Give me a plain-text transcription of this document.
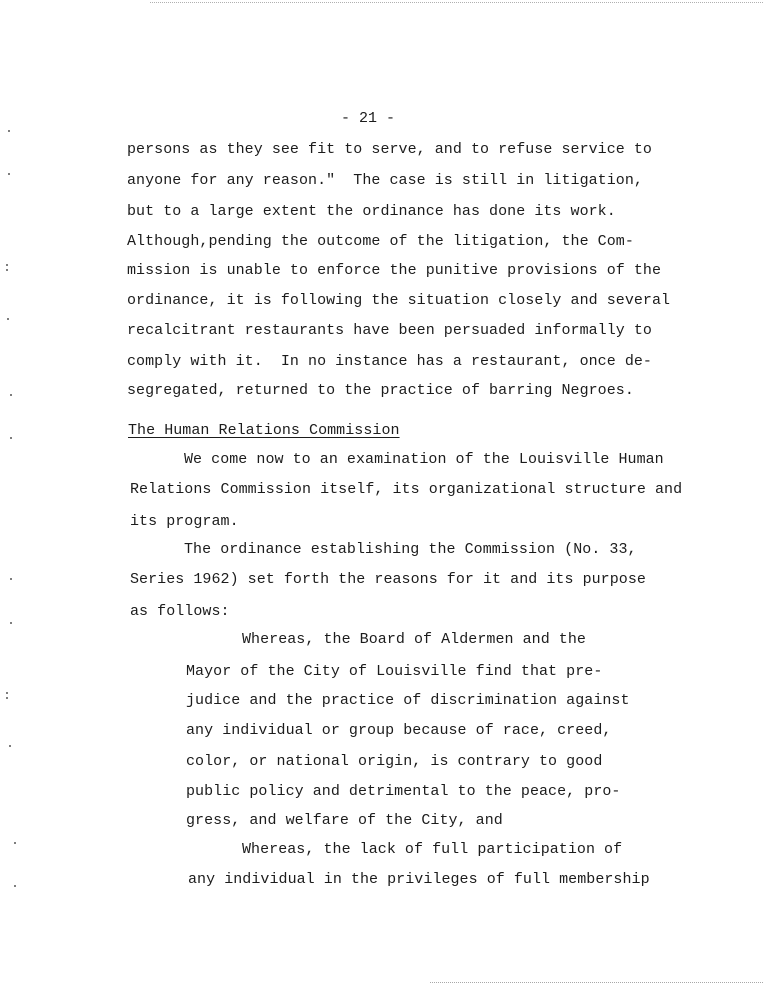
- 21 -
persons as they see fit to serve, and to refuse service to
anyone for any reason."  The case is still in litigation,
but to a large extent the ordinance has done its work.
Although,pending the outcome of the litigation, the Com-
mission is unable to enforce the punitive provisions of the
ordinance, it is following the situation closely and several
recalcitrant restaurants have been persuaded informally to
comply with it.  In no instance has a restaurant, once de-
segregated, returned to the practice of barring Negroes.
The Human Relations Commission
We come now to an examination of the Louisville Human
Relations Commission itself, its organizational structure and
its program.
The ordinance establishing the Commission (No. 33,
Series 1962) set forth the reasons for it and its purpose
as follows:
Whereas, the Board of Aldermen and the
Mayor of the City of Louisville find that pre-
judice and the practice of discrimination against
any individual or group because of race, creed,
color, or national origin, is contrary to good
public policy and detrimental to the peace, pro-
gress, and welfare of the City, and
Whereas, the lack of full participation of
any individual in the privileges of full membership
